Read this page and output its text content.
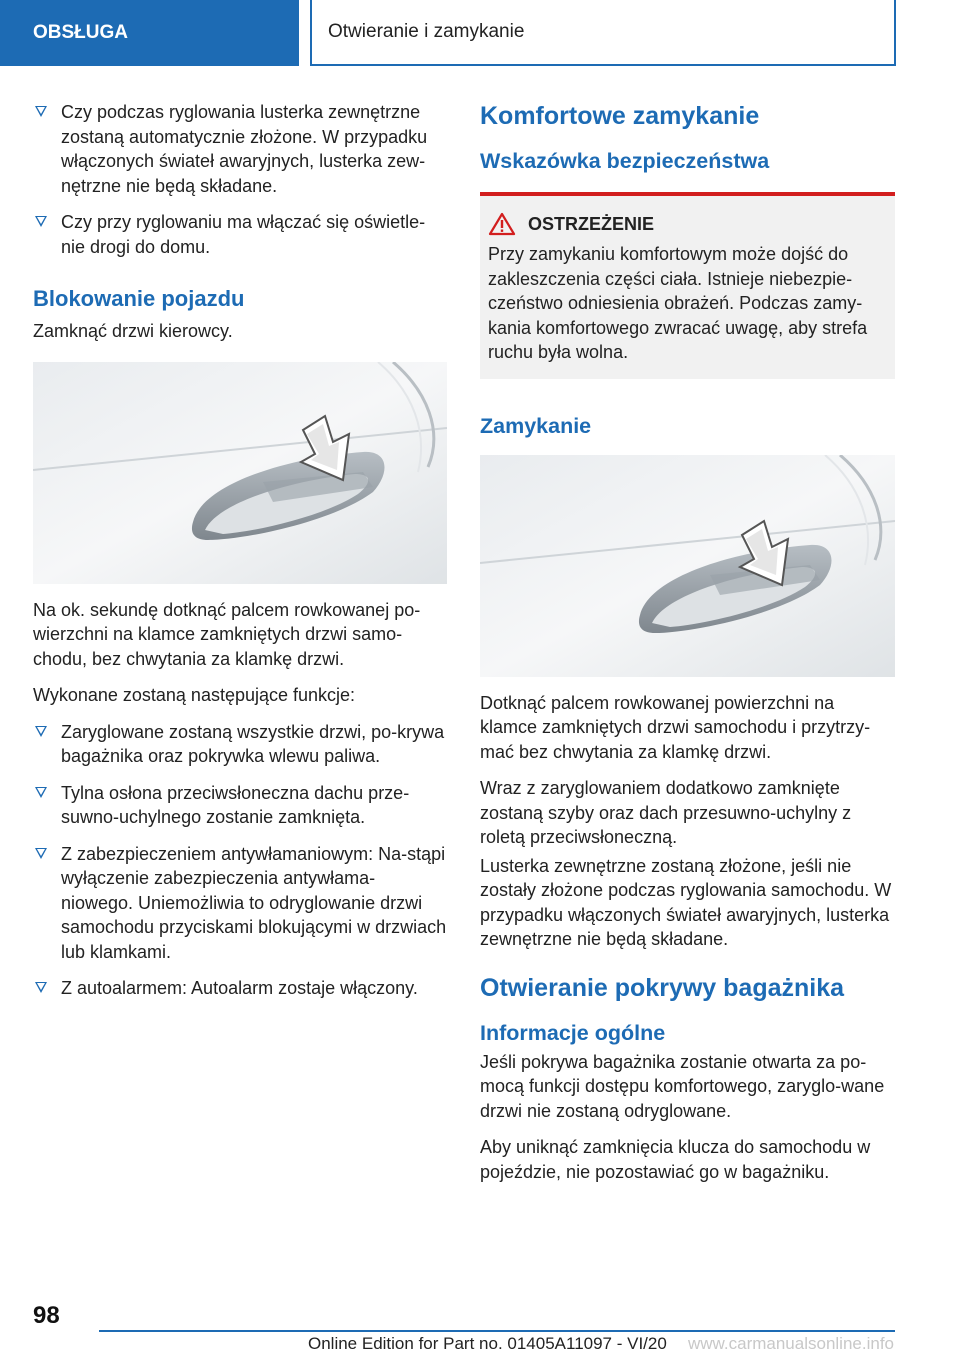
OBSŁUGA	Otwieranie i zamykanie
Czy podczas ryglowania lusterka zewnętrzne zostaną automatycznie złożone. W przypadku włączonych świateł awaryjnych, lusterka zew‐nętrzne nie będą składane.
Czy przy ryglowaniu ma włączać się oświetle‐nie drogi do domu.
Blokowanie pojazdu

Zamknąć drzwi kierowcy.

Na ok. sekundę dotknąć palcem rowkowanej po‐wierzchni na klamce zamkniętych drzwi samo‐chodu, bez chwytania za klamkę drzwi.

Wykonane zostaną następujące funkcje:

Zaryglowane zostaną wszystkie drzwi, po‐krywa bagażnika oraz pokrywka wlewu paliwa.
Tylna osłona przeciwsłoneczna dachu prze‐suwno-uchylnego zostanie zamknięta.
Z zabezpieczeniem antywłamaniowym: Na‐stąpi wyłączenie zabezpieczenia antywłama‐niowego. Uniemożliwia to odryglowanie drzwi samochodu przyciskami blokującymi w drzwiach lub klamkami.
Z autoalarmem: Autoalarm zostaje włączony.
Komfortowe zamykanie
Wskazówka bezpieczeństwa
OSTRZEŻENIE

Przy zamykaniu komfortowym może dojść do zakleszczenia części ciała. Istnieje niebezpie‐czeństwo odniesienia obrażeń. Podczas zamy‐kania komfortowego zwracać uwagę, aby strefa ruchu była wolna.

Zamykanie

Dotknąć palcem rowkowanej powierzchni na klamce zamkniętych drzwi samochodu i przytrzy‐mać bez chwytania za klamkę drzwi.

Wraz z zaryglowaniem dodatkowo zamknięte zostaną szyby oraz dach przesuwno-uchylny z roletą przeciwsłoneczną.

Lusterka zewnętrzne zostaną złożone, jeśli nie zostały złożone podczas ryglowania samochodu. W przypadku włączonych świateł awaryjnych, lusterka zewnętrzne nie będą składane.

Otwieranie pokrywy bagażnika
Informacje ogólne

Jeśli pokrywa bagażnika zostanie otwarta za po‐mocą funkcji dostępu komfortowego, zaryglo‐wane drzwi nie zostaną odryglowane.

Aby uniknąć zamknięcia klucza do samochodu w pojeździe, nie pozostawiać go w bagażniku.

98
Online Edition for Part no. 01405A11097 - VI/20 www.carmanualsonline.info
